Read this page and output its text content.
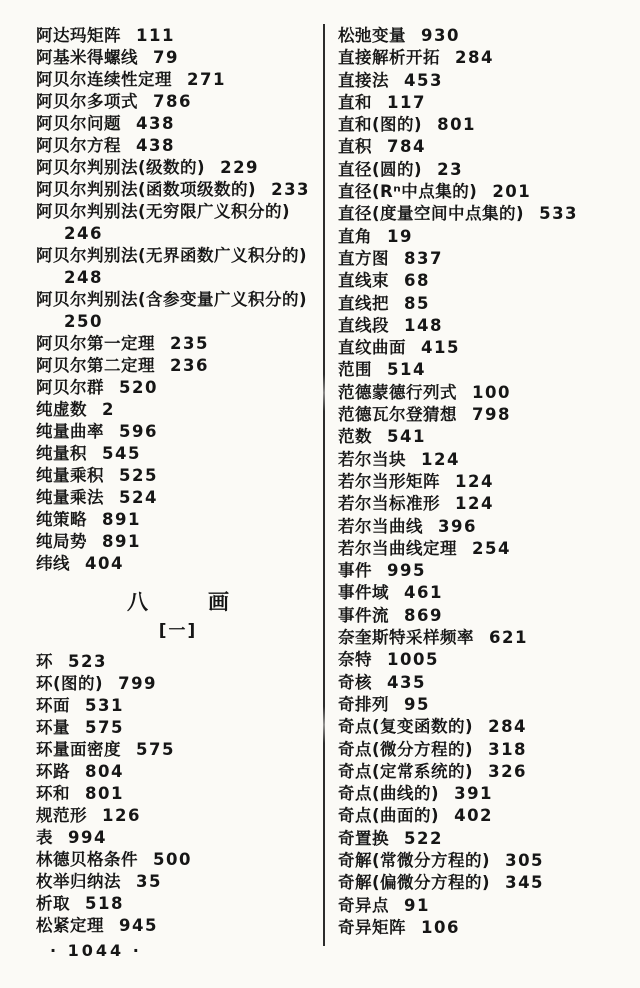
阿达玛矩阵 111
阿基米得螺线 79
阿贝尔连续性定理 271
阿贝尔多项式 786
阿贝尔问题 438
阿贝尔方程 438
阿贝尔判别法(级数的) 229
阿贝尔判别法(函数项级数的) 233
阿贝尔判别法(无穷限广义积分的)
246
阿贝尔判别法(无界函数广义积分的)
248
阿贝尔判别法(含参变量广义积分的)
250
阿贝尔第一定理 235
阿贝尔第二定理 236
阿贝尔群 520
纯虚数 2
纯量曲率 596
纯量积 545
纯量乘积 525
纯量乘法 524
纯策略 891
纯局势 891
纬线 404
八	画
[一]
环 523
环(图的) 799
环面 531
环量 575
环量面密度 575
环路 804
环和 801
规范形 126
表 994
林德贝格条件 500
枚举归纳法 35
析取 518
松紧定理 945
松弛变量 930
直接解析开拓 284
直接法 453
直和 117
直和(图的) 801
直积 784
直径(圆的) 23
直径(Rⁿ中点集的) 201
直径(度量空间中点集的) 533
直角 19
直方图 837
直线束 68
直线把 85
直线段 148
直纹曲面 415
范围 514
范德蒙德行列式 100
范德瓦尔登猜想 798
范数 541
若尔当块 124
若尔当形矩阵 124
若尔当标准形 124
若尔当曲线 396
若尔当曲线定理 254
事件 995
事件域 461
事件流 869
奈奎斯特采样频率 621
奈特 1005
奇核 435
奇排列 95
奇点(复变函数的) 284
奇点(微分方程的) 318
奇点(定常系统的) 326
奇点(曲线的) 391
奇点(曲面的) 402
奇置换 522
奇解(常微分方程的) 305
奇解(偏微分方程的) 345
奇异点 91
奇异矩阵 106
· 1044 ·
